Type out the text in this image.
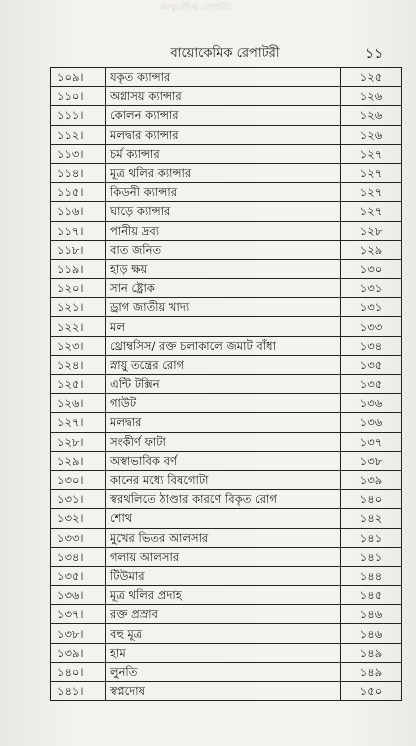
আয়ুর্বেদিক রেপার্টরি
বায়োকেমিক রেপাটরী	১১
১০৯।	যকৃত ক্যান্সার	১২৫
১১০।	অগ্নাসয় ক্যান্সার	১২৬
১১১।	কোলন ক্যান্সার	১২৬
১১২।	মলদ্বার ক্যান্সার	১২৬
১১৩।	চর্ম ক্যান্সার	১২৭
১১৪।	মূত্র থলির ক্যান্সার	১২৭
১১৫।	কিডনী ক্যান্সার	১২৭
১১৬।	ঘাড়ে ক্যান্সার	১২৭
১১৭।	পানীয় দ্রব্য	১২৮
১১৮।	বাত জনিত	১২৯
১১৯।	হাড় ক্ষয়	১৩০
১২০।	সান ষ্ট্রোক	১৩১
১২১।	ড্রাগ জাতীয় খাদ্য	১৩১
১২২।	মল	১৩৩
১২৩।	থ্রোম্বসিস/ রক্ত চলাকালে জমাট বাঁধা	১৩৪
১২৪।	স্নায়ু তন্ত্রের রোগ	১৩৫
১২৫।	এন্টি টক্সিন	১৩৫
১২৬।	গাউট	১৩৬
১২৭।	মলদ্বার	১৩৬
১২৮।	সংকীর্ণ ফাটা	১৩৭
১২৯।	অস্বাভাবিক বর্ণ	১৩৮
১৩০।	কানের মধ্যে বিষগোটা	১৩৯
১৩১।	স্বরথলিতে ঠাণ্ডার কারণে বিকৃত রোগ	১৪০
১৩২।	শোথ	১৪২
১৩৩।	মুখের ভিতর আলসার	১৪১
১৩৪।	গলায় আলসার	১৪১
১৩৫।	টিউমার	১৪৪
১৩৬।	মূত্র থলির প্রদাহ	১৪৫
১৩৭।	রক্ত প্রস্রাব	১৪৬
১৩৮।	বহু মূত্র	১৪৬
১৩৯।	হাম	১৪৯
১৪০।	লুনতি	১৪৯
১৪১।	স্বপ্নদোষ	১৫০
